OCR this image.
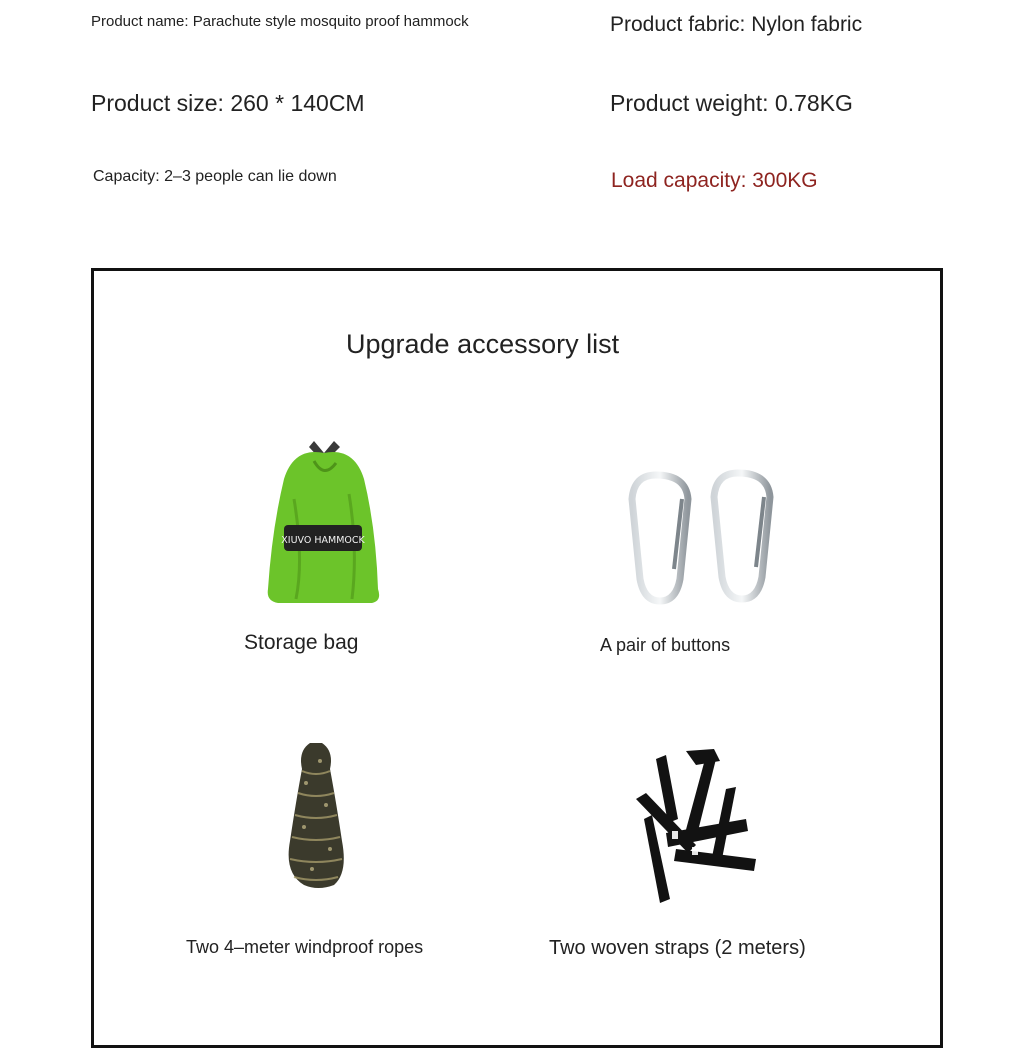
Product name: Parachute style mosquito proof hammock	Product fabric: Nylon fabric
Product size: 260 * 140CM	Product weight: 0.78KG
Capacity: 2–3 people can lie down	Load capacity: 300KG
Upgrade accessory list
XIUVO HAMMOCK
Storage bag	A pair of buttons
Two 4–meter windproof ropes	Two woven straps (2 meters)
